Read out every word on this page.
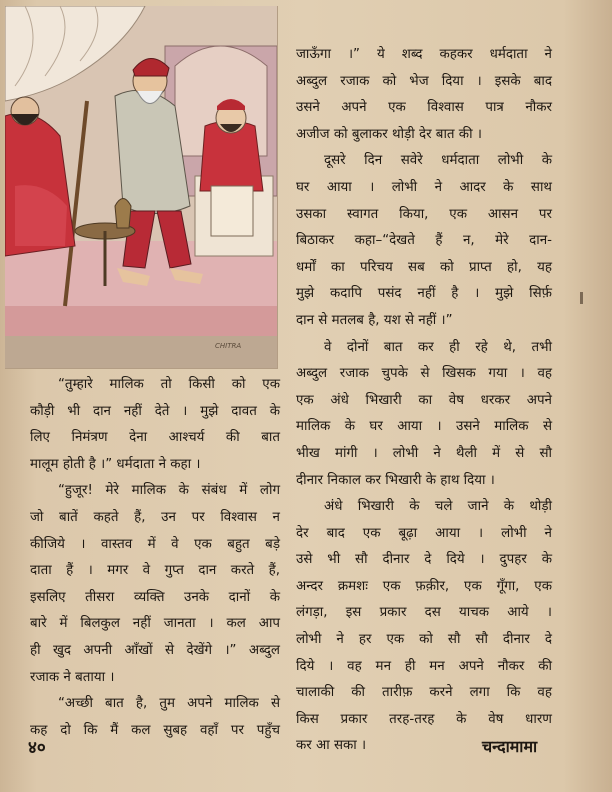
CHITRA

“तुम्हारे मालिक तो किसी को एक

कौड़ी भी दान नहीं देते । मुझे दावत के

लिए निमंत्रण देना आश्चर्य की बात

मालूम होती है ।” धर्मदाता ने कहा ।

“हुजूर! मेरे मालिक के संबंध में लोग

जो बातें कहते हैं, उन पर विश्वास न

कीजिये । वास्तव में वे एक बहुत बड़े

दाता हैं । मगर वे गुप्त दान करते हैं,

इसलिए तीसरा व्यक्ति उनके दानों के

बारे में बिलकुल नहीं जानता । कल आप

ही खुद अपनी आँखों से देखेंगे ।” अब्दुल

रजाक ने बताया ।

“अच्छी बात है, तुम अपने मालिक से

कह दो कि मैं कल सुबह वहाँ पर पहुँच

जाऊँगा ।” ये शब्द कहकर धर्मदाता ने

अब्दुल रजाक को भेज दिया । इसके बाद

उसने अपने एक विश्वास पात्र नौकर

अजीज को बुलाकर थोड़ी देर बात की ।

दूसरे दिन सवेरे धर्मदाता लोभी के

घर आया । लोभी ने आदर के साथ

उसका स्वागत किया, एक आसन पर

बिठाकर कहा–“देखते हैं न, मेरे दान-

धर्मों का परिचय सब को प्राप्त हो, यह

मुझे कदापि पसंद नहीं है । मुझे सिर्फ़

दान से मतलब है, यश से नहीं ।”

वे दोनों बात कर ही रहे थे, तभी

अब्दुल रजाक चुपके से खिसक गया । वह

एक अंधे भिखारी का वेष धरकर अपने

मालिक के घर आया । उसने मालिक से

भीख मांगी । लोभी ने थैली में से सौ

दीनार निकाल कर भिखारी के हाथ दिया ।

अंधे भिखारी के चले जाने के थोड़ी

देर बाद एक बूढ़ा आया । लोभी ने

उसे भी सौ दीनार दे दिये । दुपहर के

अन्दर क्रमशः एक फ़क़ीर, एक गूँगा, एक

लंगड़ा, इस प्रकार दस याचक आये ।

लोभी ने हर एक को सौ सौ दीनार दे

दिये । वह मन ही मन अपने नौकर की

चालाकी की तारीफ़ करने लगा कि वह

किस प्रकार तरह-तरह के वेष धारण

कर आ सका ।

४०	चन्दामामा
